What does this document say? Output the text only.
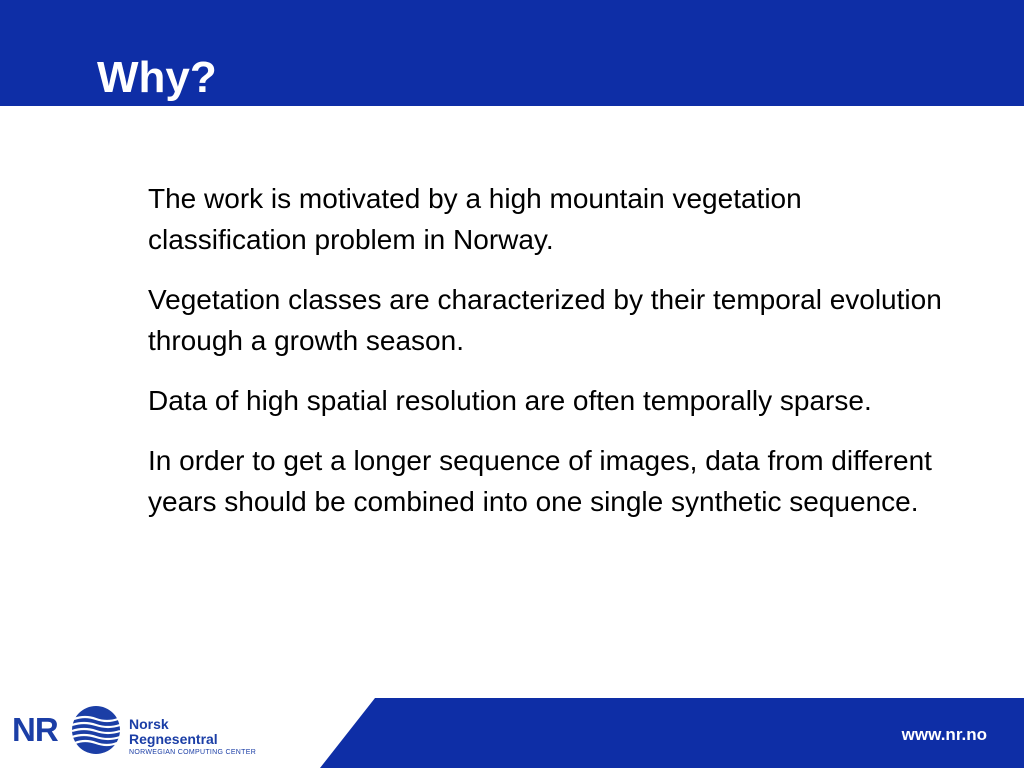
Why?

The work is motivated by a high mountain vegetation classification problem in Norway.

Vegetation classes are characterized by their temporal evolution through a growth season.

Data of high spatial resolution are often temporally sparse.

In order to get a longer sequence of images, data from different years should be combined into one single synthetic sequence.

NR	Norsk
Regnesentral
NORWEGIAN COMPUTING CENTER
www.nr.no
